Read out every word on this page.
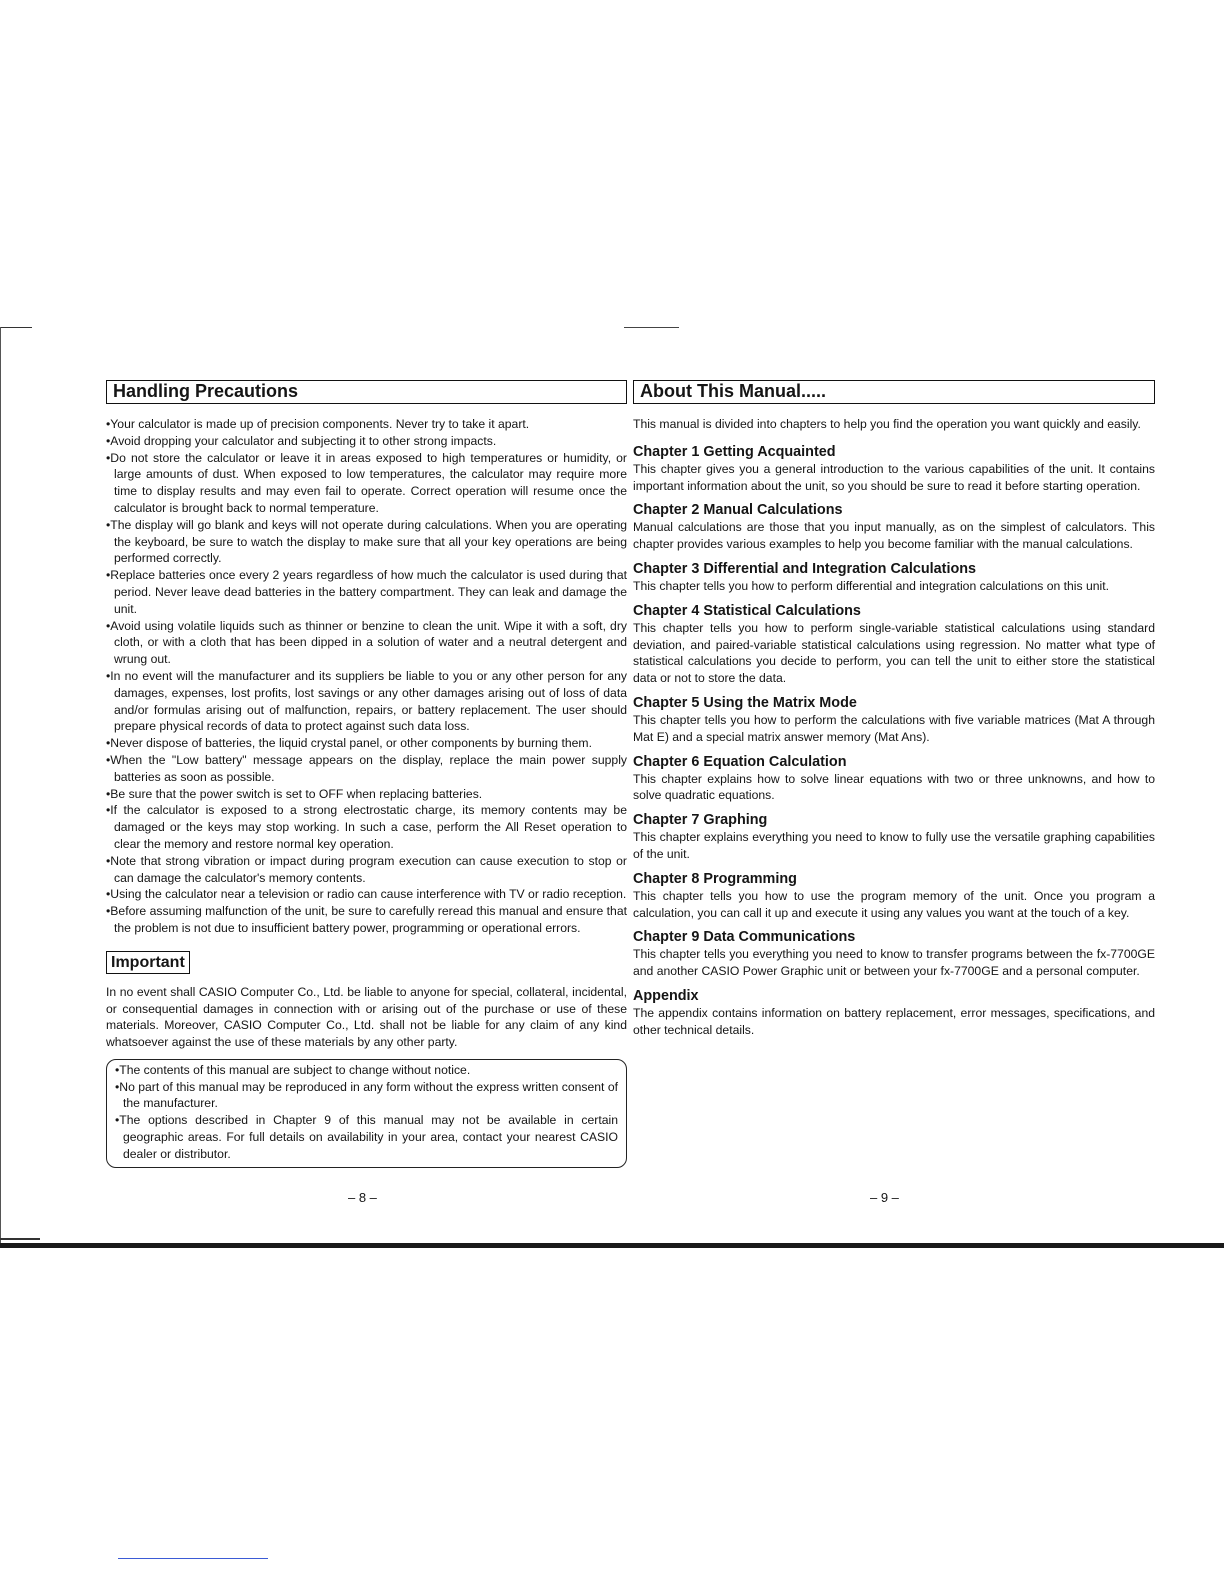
Handling Precautions
• Your calculator is made up of precision components. Never try to take it apart.
• Avoid dropping your calculator and subjecting it to other strong impacts.
• Do not store the calculator or leave it in areas exposed to high temperatures or humidity, or large amounts of dust. When exposed to low temperatures, the calculator may require more time to display results and may even fail to operate. Correct operation will resume once the calculator is brought back to normal temperature.
• The display will go blank and keys will not operate during calculations. When you are operating the keyboard, be sure to watch the display to make sure that all your key operations are being performed correctly.
• Replace batteries once every 2 years regardless of how much the calculator is used during that period. Never leave dead batteries in the battery compartment. They can leak and damage the unit.
• Avoid using volatile liquids such as thinner or benzine to clean the unit. Wipe it with a soft, dry cloth, or with a cloth that has been dipped in a solution of water and a neutral detergent and wrung out.
• In no event will the manufacturer and its suppliers be liable to you or any other person for any damages, expenses, lost profits, lost savings or any other damages arising out of loss of data and/or formulas arising out of malfunction, repairs, or battery replacement. The user should prepare physical records of data to protect against such data loss.
• Never dispose of batteries, the liquid crystal panel, or other components by burning them.
• When the "Low battery" message appears on the display, replace the main power supply batteries as soon as possible.
• Be sure that the power switch is set to OFF when replacing batteries.
• If the calculator is exposed to a strong electrostatic charge, its memory contents may be damaged or the keys may stop working. In such a case, perform the All Reset operation to clear the memory and restore normal key operation.
• Note that strong vibration or impact during program execution can cause execution to stop or can damage the calculator's memory contents.
• Using the calculator near a television or radio can cause interference with TV or radio reception.
• Before assuming malfunction of the unit, be sure to carefully reread this manual and ensure that the problem is not due to insufficient battery power, programming or operational errors.
Important

In no event shall CASIO Computer Co., Ltd. be liable to anyone for special, collateral, incidental, or consequential damages in connection with or arising out of the purchase or use of these materials. Moreover, CASIO Computer Co., Ltd. shall not be liable for any claim of any kind whatsoever against the use of these materials by any other party.

• The contents of this manual are subject to change without notice.
• No part of this manual may be reproduced in any form without the express written consent of the manufacturer.
• The options described in Chapter 9 of this manual may not be available in certain geographic areas. For full details on availability in your area, contact your nearest CASIO dealer or distributor.
About This Manual.....

This manual is divided into chapters to help you find the operation you want quickly and easily.

Chapter 1 Getting Acquainted

This chapter gives you a general introduction to the various capabilities of the unit. It contains important information about the unit, so you should be sure to read it before starting operation.

Chapter 2 Manual Calculations

Manual calculations are those that you input manually, as on the simplest of calculators. This chapter provides various examples to help you become familiar with the manual calculations.

Chapter 3 Differential and Integration Calculations

This chapter tells you how to perform differential and integration calculations on this unit.

Chapter 4 Statistical Calculations

This chapter tells you how to perform single-variable statistical calculations using standard deviation, and paired-variable statistical calculations using regression. No matter what type of statistical calculations you decide to perform, you can tell the unit to either store the statistical data or not to store the data.

Chapter 5 Using the Matrix Mode

This chapter tells you how to perform the calculations with five variable matrices (Mat A through Mat E) and a special matrix answer memory (Mat Ans).

Chapter 6 Equation Calculation

This chapter explains how to solve linear equations with two or three unknowns, and how to solve quadratic equations.

Chapter 7 Graphing

This chapter explains everything you need to know to fully use the versatile graphing capabilities of the unit.

Chapter 8 Programming

This chapter tells you how to use the program memory of the unit. Once you program a calculation, you can call it up and execute it using any values you want at the touch of a key.

Chapter 9 Data Communications

This chapter tells you everything you need to know to transfer programs between the fx-7700GE and another CASIO Power Graphic unit or between your fx-7700GE and a personal computer.

Appendix

The appendix contains information on battery replacement, error messages, specifications, and other technical details.

– 8 –	– 9 –
